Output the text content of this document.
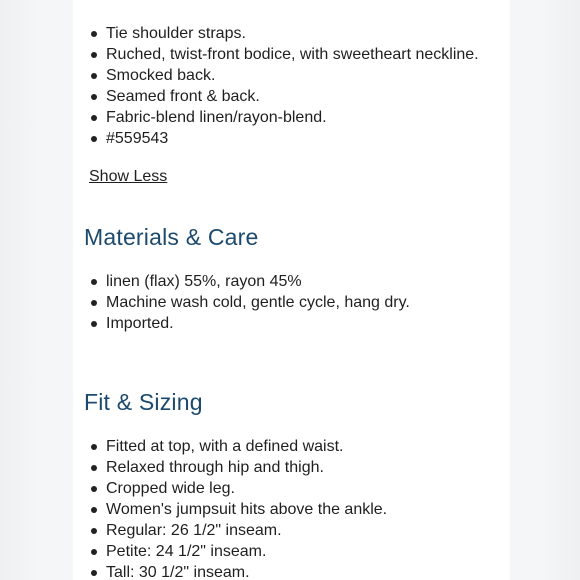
Tie shoulder straps.
Ruched, twist-front bodice, with sweetheart neckline.
Smocked back.
Seamed front & back.
Fabric-blend linen/rayon-blend.
#559543
Show Less
Materials & Care
linen (flax) 55%, rayon 45%
Machine wash cold, gentle cycle, hang dry.
Imported.
Fit & Sizing
Fitted at top, with a defined waist.
Relaxed through hip and thigh.
Cropped wide leg.
Women's jumpsuit hits above the ankle.
Regular: 26 1/2" inseam.
Petite: 24 1/2" inseam.
Tall: 30 1/2" inseam.
